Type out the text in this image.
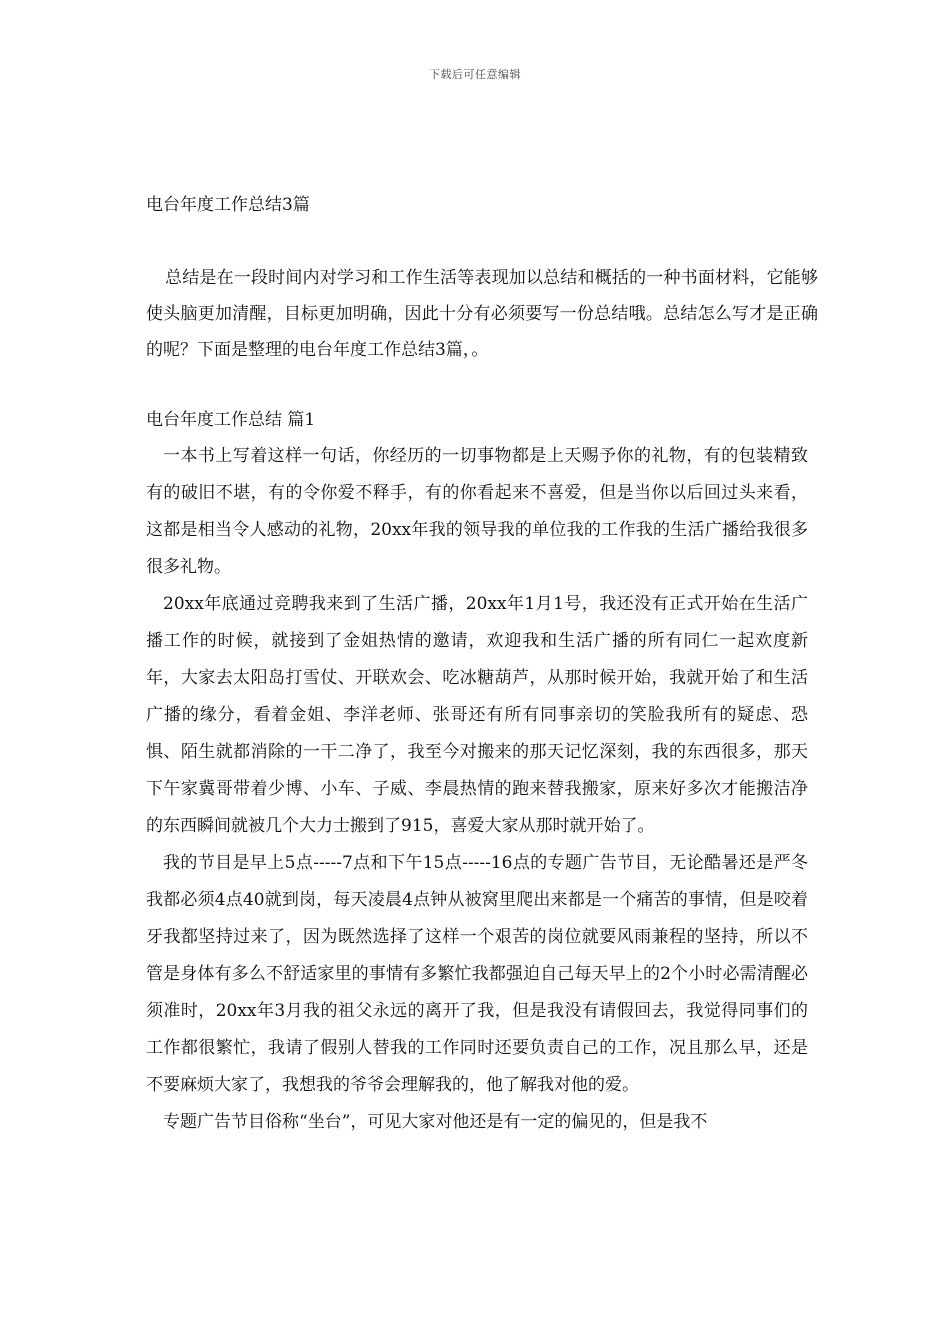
下载后可任意编辑
电台年度工作总结3篇

总结是在一段时间内对学习和工作生活等表现加以总结和概括的一种书面材料，它能够使头脑更加清醒，目标更加明确，因此十分有必须要写一份总结哦。总结怎么写才是正确的呢？下面是整理的电台年度工作总结3篇，。

电台年度工作总结 篇1

一本书上写着这样一句话，你经历的一切事物都是上天赐予你的礼物，有的包装精致有的破旧不堪，有的令你爱不释手，有的你看起来不喜爱，但是当你以后回过头来看，这都是相当令人感动的礼物，20xx年我的领导我的单位我的工作我的生活广播给我很多很多礼物。

20xx年底通过竞聘我来到了生活广播，20xx年1月1号，我还没有正式开始在生活广播工作的时候，就接到了金姐热情的邀请，欢迎我和生活广播的所有同仁一起欢度新年，大家去太阳岛打雪仗、开联欢会、吃冰糖葫芦，从那时候开始，我就开始了和生活广播的缘分，看着金姐、李洋老师、张哥还有所有同事亲切的笑脸我所有的疑虑、恐惧、陌生就都消除的一干二净了，我至今对搬来的那天记忆深刻，我的东西很多，那天下午家冀哥带着少博、小车、子威、李晨热情的跑来替我搬家，原来好多次才能搬洁净的东西瞬间就被几个大力士搬到了915，喜爱大家从那时就开始了。

我的节目是早上5点-----7点和下午15点-----16点的专题广告节目，无论酷暑还是严冬我都必须4点40就到岗，每天凌晨4点钟从被窝里爬出来都是一个痛苦的事情，但是咬着牙我都坚持过来了，因为既然选择了这样一个艰苦的岗位就要风雨兼程的坚持，所以不管是身体有多么不舒适家里的事情有多繁忙我都强迫自己每天早上的2个小时必需清醒必须准时，20xx年3月我的祖父永远的离开了我，但是我没有请假回去，我觉得同事们的工作都很繁忙，我请了假别人替我的工作同时还要负责自己的工作，况且那么早，还是不要麻烦大家了，我想我的爷爷会理解我的，他了解我对他的爱。

专题广告节目俗称“坐台”，可见大家对他还是有一定的偏见的，但是我不
